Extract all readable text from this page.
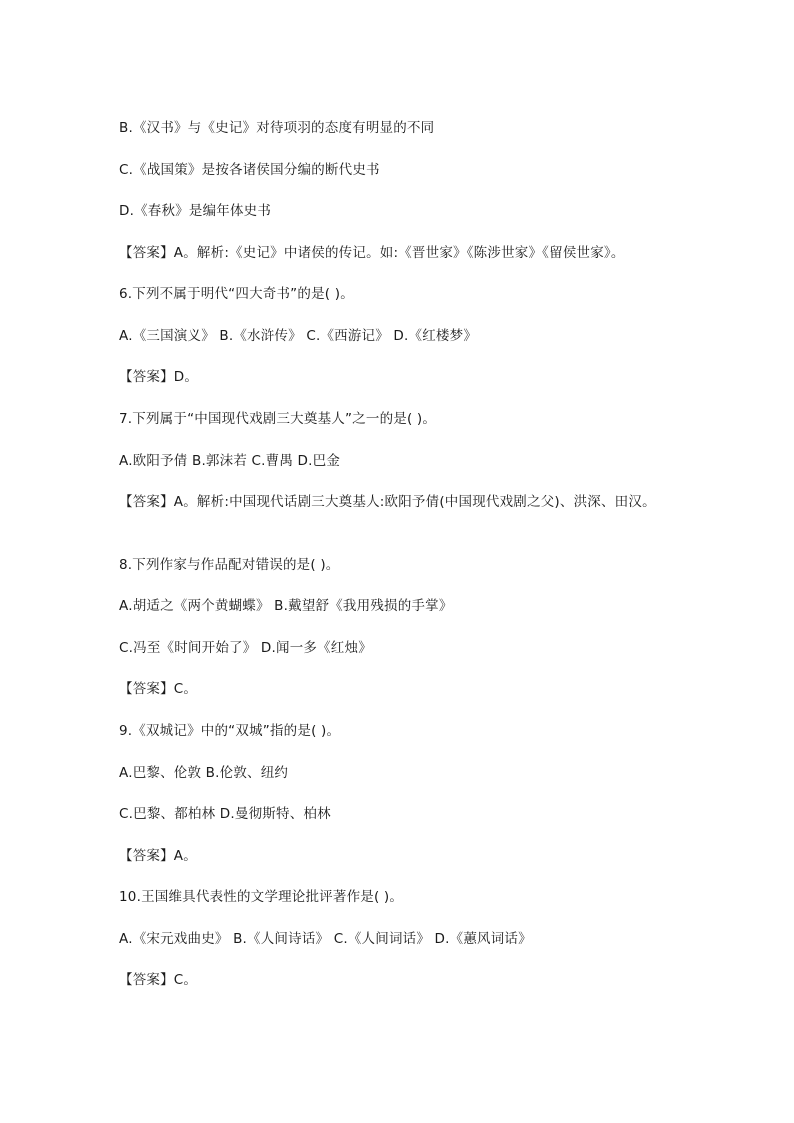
B.《汉书》与《史记》对待项羽的态度有明显的不同
C.《战国策》是按各诸侯国分编的断代史书
D.《春秋》是编年体史书
【答案】A。解析:《史记》中诸侯的传记。如:《晋世家》《陈涉世家》《留侯世家》。
6.下列不属于明代“四大奇书”的是( )。
A.《三国演义》 B.《水浒传》 C.《西游记》 D.《红楼梦》
【答案】D。
7.下列属于“中国现代戏剧三大奠基人”之一的是( )。
A.欧阳予倩 B.郭沫若 C.曹禺 D.巴金
【答案】A。解析:中国现代话剧三大奠基人:欧阳予倩(中国现代戏剧之父)、洪深、田汉。
8.下列作家与作品配对错误的是( )。
A.胡适之《两个黄蝴蝶》 B.戴望舒《我用残损的手掌》
C.冯至《时间开始了》 D.闻一多《红烛》
【答案】C。
9.《双城记》中的“双城”指的是( )。
A.巴黎、伦敦 B.伦敦、纽约
C.巴黎、都柏林 D.曼彻斯特、柏林
【答案】A。
10.王国维具代表性的文学理论批评著作是( )。
A.《宋元戏曲史》 B.《人间诗话》 C.《人间词话》 D.《蕙风词话》
【答案】C。
